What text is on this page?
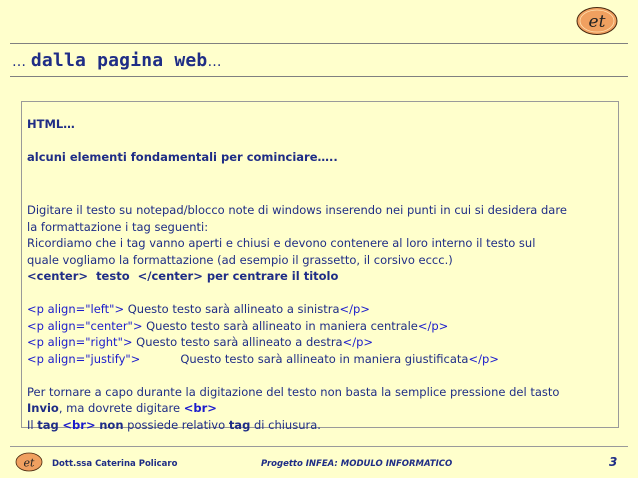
et
… dalla pagina web…

HTML…

alcuni elementi fondamentali per cominciare…..

Digitare il testo su notepad/blocco note di windows inserendo nei punti in cui si desidera dare

la formattazione i tag seguenti:

Ricordiamo che i tag vanno aperti e chiusi e devono contenere al loro interno il testo sul

quale vogliamo la formattazione (ad esempio il grassetto, il corsivo eccc.)

<center> testo </center> per centrare il titolo

<p align="left"> Questo testo sarà allineato a sinistra</p>

<p align="center"> Questo testo sarà allineato in maniera centrale</p>

<p align="right"> Questo testo sarà allineato a destra</p>

<p align="justify">	Questo testo sarà allineato in maniera giustificata</p>

Per tornare a capo durante la digitazione del testo non basta la semplice pressione del tasto

Invio, ma dovrete digitare <br>

Il tag <br> non possiede relativo tag di chiusura.

et Dott.ssa Caterina Policaro	Progetto INFEA: MODULO INFORMATICO	3
